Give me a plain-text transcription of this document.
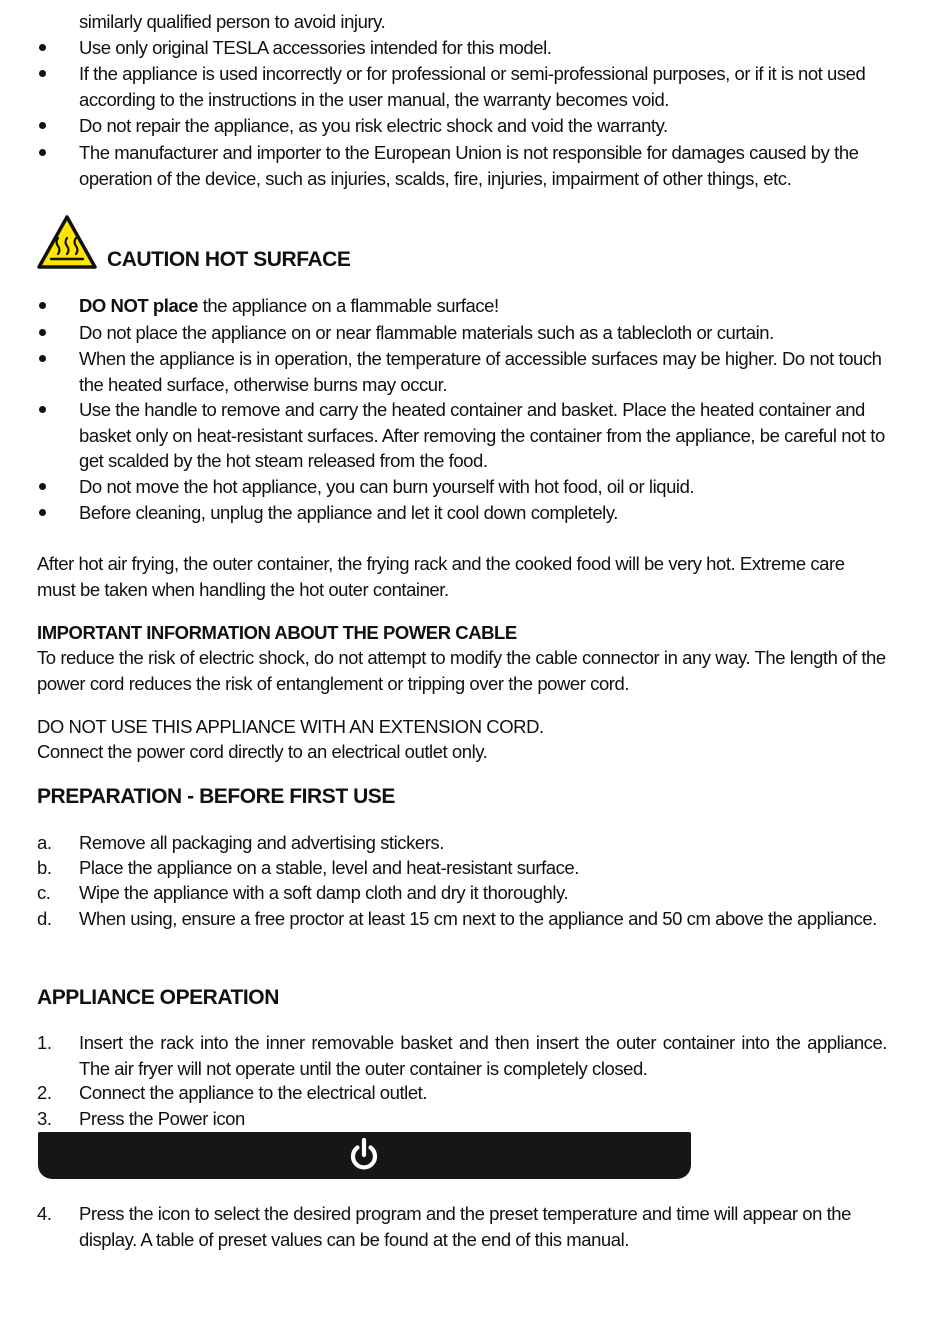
similarly qualified person to avoid injury.
Use only original TESLA accessories intended for this model.
If the appliance is used incorrectly or for professional or semi-professional purposes, or if it is not used according to the instructions in the user manual, the warranty becomes void.
Do not repair the appliance, as you risk electric shock and void the warranty.
The manufacturer and importer to the European Union is not responsible for damages caused by the operation of the device, such as injuries, scalds, fire, injuries, impairment of other things, etc.
CAUTION HOT SURFACE
DO NOT place the appliance on a flammable surface!
Do not place the appliance on or near flammable materials such as a tablecloth or curtain.
When the appliance is in operation, the temperature of accessible surfaces may be higher. Do not touch the heated surface, otherwise burns may occur.
Use the handle to remove and carry the heated container and basket. Place the heated container and basket only on heat-resistant surfaces. After removing the container from the appliance, be careful not to get scalded by the hot steam released from the food.
Do not move the hot appliance, you can burn yourself with hot food, oil or liquid.
Before cleaning, unplug the appliance and let it cool down completely.
After hot air frying, the outer container, the frying rack and the cooked food will be very hot. Extreme care must be taken when handling the hot outer container.
IMPORTANT INFORMATION ABOUT THE POWER CABLE
To reduce the risk of electric shock, do not attempt to modify the cable connector in any way. The length of the power cord reduces the risk of entanglement or tripping over the power cord.
DO NOT USE THIS APPLIANCE WITH AN EXTENSION CORD.
Connect the power cord directly to an electrical outlet only.
PREPARATION - BEFORE FIRST USE
a. Remove all packaging and advertising stickers.
b. Place the appliance on a stable, level and heat-resistant surface.
c. Wipe the appliance with a soft damp cloth and dry it thoroughly.
d. When using, ensure a free proctor at least 15 cm next to the appliance and 50 cm above the appliance.
APPLIANCE OPERATION
1. Insert the rack into the inner removable basket and then insert the outer container into the appliance. The air fryer will not operate until the outer container is completely closed.
2. Connect the appliance to the electrical outlet.
3. Press the Power icon
4. Press the icon to select the desired program and the preset temperature and time will appear on the display. A table of preset values can be found at the end of this manual.
